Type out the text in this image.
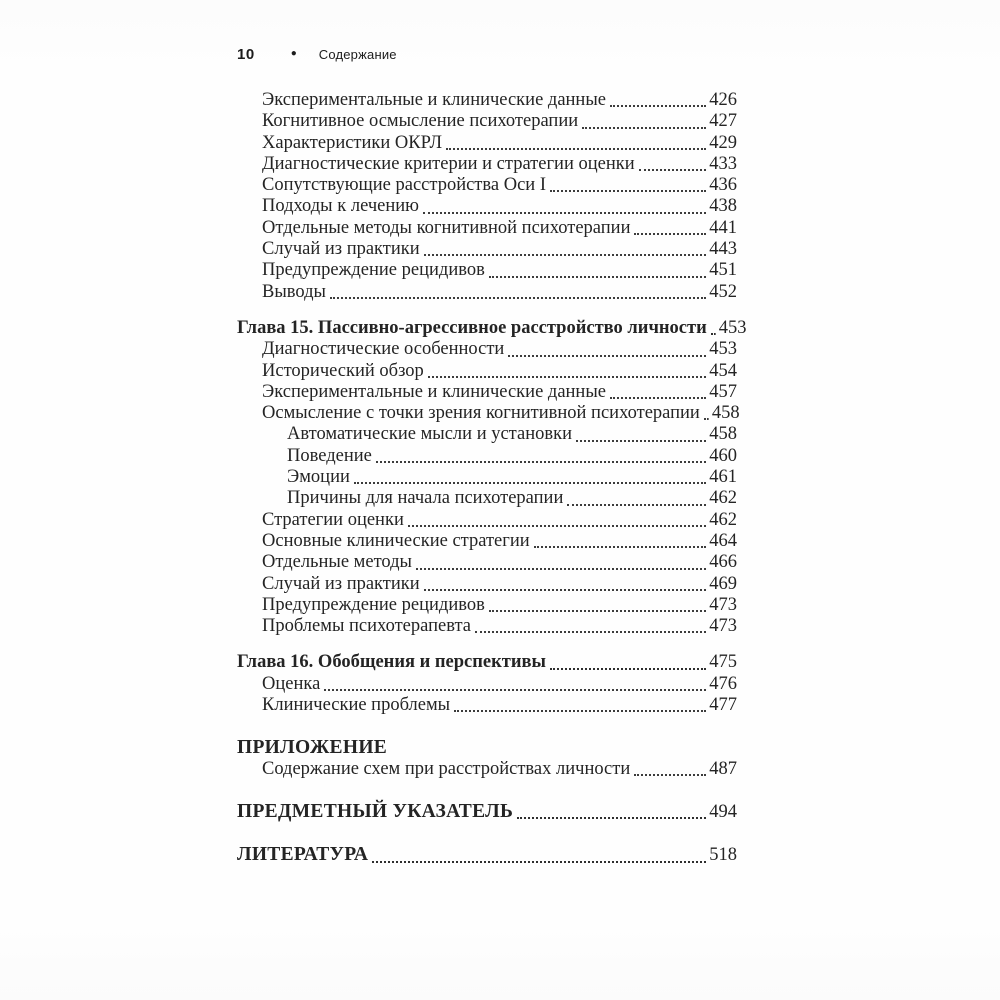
10	● Содержание
Экспериментальные и клинические данные	426
Когнитивное осмысление психотерапии	427
Характеристики ОКРЛ	429
Диагностические критерии и стратегии оценки	433
Сопутствующие расстройства Оси I	436
Подходы к лечению	438
Отдельные методы когнитивной психотерапии	441
Случай из практики	443
Предупреждение рецидивов	451
Выводы	452
Глава 15. Пассивно-агрессивное расстройство личности 453
Диагностические особенности	453
Исторический обзор	454
Экспериментальные и клинические данные	457
Осмысление с точки зрения когнитивной психотерапии 458
Автоматические мысли и установки	458
Поведение	460
Эмоции	461
Причины для начала психотерапии	462
Стратегии оценки	462
Основные клинические стратегии	464
Отдельные методы	466
Случай из практики	469
Предупреждение рецидивов	473
Проблемы психотерапевта	473
Глава 16. Обобщения и перспективы	475
Оценка	476
Клинические проблемы	477
ПРИЛОЖЕНИЕ
Содержание схем при расстройствах личности	487
ПРЕДМЕТНЫЙ УКАЗАТЕЛЬ	494
ЛИТЕРАТУРА	518
